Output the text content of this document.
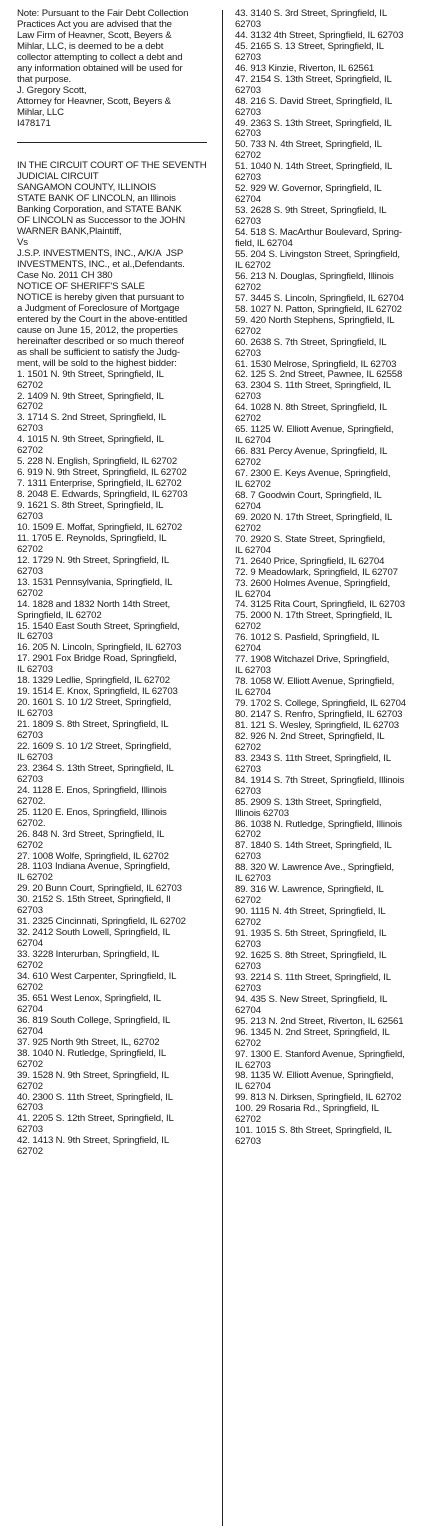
Note: Pursuant to the Fair Debt Collection
Practices Act you are advised that the
Law Firm of Heavner, Scott, Beyers &
Mihlar, LLC, is deemed to be a debt
collector attempting to collect a debt and
any information obtained will be used for
that purpose.
J. Gregory Scott,
Attorney for Heavner, Scott, Beyers &
Mihlar, LLC
I478171
IN THE CIRCUIT COURT OF THE SEVENTH
JUDICIAL CIRCUIT
SANGAMON COUNTY, ILLINOIS
STATE BANK OF LINCOLN, an Illinois
Banking Corporation, and STATE BANK
OF LINCOLN as Successor to the JOHN
WARNER BANK,Plaintiff,
Vs
J.S.P. INVESTMENTS, INC., A/K/A  JSP
INVESTMENTS, INC., et al.,Defendants.
Case No. 2011 CH 380
NOTICE OF SHERIFF'S SALE
NOTICE is hereby given that pursuant to
a Judgment of Foreclosure of Mortgage
entered by the Court in the above-entitled
cause on June 15, 2012, the properties
hereinafter described or so much thereof
as shall be sufficient to satisfy the Judg-
ment, will be sold to the highest bidder:
1. 1501 N. 9th Street, Springfield, IL
62702
2. 1409 N. 9th Street, Springfield, IL
62702
3. 1714 S. 2nd Street, Springfield, IL
62703
4. 1015 N. 9th Street, Springfield, IL
62702
5. 228 N. English, Springfield, IL 62702
6. 919 N. 9th Street, Springfield, IL 62702
7. 1311 Enterprise, Springfield, IL 62702
8. 2048 E. Edwards, Springfield, IL 62703
9. 1621 S. 8th Street, Springfield, IL
62703
10. 1509 E. Moffat, Springfield, IL 62702
11. 1705 E. Reynolds, Springfield, IL
62702
12. 1729 N. 9th Street, Springfield, IL
62703
13. 1531 Pennsylvania, Springfield, IL
62702
14. 1828 and 1832 North 14th Street,
Springfield, IL 62702
15. 1540 East South Street, Springfield,
IL 62703
16. 205 N. Lincoln, Springfield, IL 62703
17. 2901 Fox Bridge Road, Springfield,
IL 62703
18. 1329 Ledlie, Springfield, IL 62702
19. 1514 E. Knox, Springfield, IL 62703
20. 1601 S. 10 1/2 Street, Springfield,
IL 62703
21. 1809 S. 8th Street, Springfield, IL
62703
22. 1609 S. 10 1/2 Street, Springfield,
IL 62703
23. 2364 S. 13th Street, Springfield, IL
62703
24. 1128 E. Enos, Springfield, Illinois
62702.
25. 1120 E. Enos, Springfield, Illinois
62702.
26. 848 N. 3rd Street, Springfield, IL
62702
27. 1008 Wolfe, Springfield, IL 62702
28. 1103 Indiana Avenue, Springfield,
IL 62702
29. 20 Bunn Court, Springfield, IL 62703
30. 2152 S. 15th Street, Springfield, Il
62703
31. 2325 Cincinnati, Springfield, IL 62702
32. 2412 South Lowell, Springfield, IL
62704
33. 3228 Interurban, Springfield, IL
62702
34. 610 West Carpenter, Springfield, IL
62702
35. 651 West Lenox, Springfield, IL
62704
36. 819 South College, Springfield, IL
62704
37. 925 North 9th Street, IL, 62702
38. 1040 N. Rutledge, Springfield, IL
62702
39. 1528 N. 9th Street, Springfield, IL
62702
40. 2300 S. 11th Street, Springfield, IL
62703
41. 2205 S. 12th Street, Springfield, IL
62703
42. 1413 N. 9th Street, Springfield, IL
62702
43. 3140 S. 3rd Street, Springfield, IL
62703
44. 3132 4th Street, Springfield, IL 62703
45. 2165 S. 13 Street, Springfield, IL
62703
46. 913 Kinzie, Riverton, IL 62561
47. 2154 S. 13th Street, Springfield, IL
62703
48. 216 S. David Street, Springfield, IL
62703
49. 2363 S. 13th Street, Springfield, IL
62703
50. 733 N. 4th Street, Springfield, IL
62702
51. 1040 N. 14th Street, Springfield, IL
62703
52. 929 W. Governor, Springfield, IL
62704
53. 2628 S. 9th Street, Springfield, IL
62703
54. 518 S. MacArthur Boulevard, Spring-
field, IL 62704
55. 204 S. Livingston Street, Springfield,
IL 62702
56. 213 N. Douglas, Springfield, Illinois
62702
57. 3445 S. Lincoln, Springfield, IL 62704
58. 1027 N. Patton, Springfield, IL 62702
59. 420 North Stephens, Springfield, IL
62702
60. 2638 S. 7th Street, Springfield, IL
62703
61. 1530 Melrose, Springfield, IL 62703
62. 125 S. 2nd Street, Pawnee, IL 62558
63. 2304 S. 11th Street, Springfield, IL
62703
64. 1028 N. 8th Street, Springfield, IL
62702
65. 1125 W. Elliott Avenue, Springfield,
IL 62704
66. 831 Percy Avenue, Springfield, IL
62702
67. 2300 E. Keys Avenue, Springfield,
IL 62702
68. 7 Goodwin Court, Springfield, IL
62704
69. 2020 N. 17th Street, Springfield, IL
62702
70. 2920 S. State Street, Springfield,
IL 62704
71. 2640 Price, Springfield, IL 62704
72. 9 Meadowlark, Springfield, IL 62707
73. 2600 Holmes Avenue, Springfield,
IL 62704
74. 3125 Rita Court, Springfield, IL 62703
75. 2000 N. 17th Street, Springfield, IL
62702
76. 1012 S. Pasfield, Springfield, IL
62704
77. 1908 Witchazel Drive, Springfield,
IL 62703
78. 1058 W. Elliott Avenue, Springfield,
IL 62704
79. 1702 S. College, Springfield, IL 62704
80. 2147 S. Renfro, Springfield, IL 62703
81. 121 S. Wesley, Springfield, IL 62703
82. 926 N. 2nd Street, Springfield, IL
62702
83. 2343 S. 11th Street, Springfield, IL
62703
84. 1914 S. 7th Street, Springfield, Illinois
62703
85. 2909 S. 13th Street, Springfield,
Illinois 62703
86. 1038 N. Rutledge, Springfield, Illinois
62702
87. 1840 S. 14th Street, Springfield, IL
62703
88. 320 W. Lawrence Ave., Springfield,
IL 62703
89. 316 W. Lawrence, Springfield, IL
62702
90. 1115 N. 4th Street, Springfield, IL
62702
91. 1935 S. 5th Street, Springfield, IL
62703
92. 1625 S. 8th Street, Springfield, IL
62703
93. 2214 S. 11th Street, Springfield, IL
62703
94. 435 S. New Street, Springfield, IL
62704
95. 213 N. 2nd Street, Riverton, IL 62561
96. 1345 N. 2nd Street, Springfield, IL
62702
97. 1300 E. Stanford Avenue, Springfield,
IL 62703
98. 1135 W. Elliott Avenue, Springfield,
IL 62704
99. 813 N. Dirksen, Springfield, IL 62702
100. 29 Rosaria Rd., Springfield, IL
62702
101. 1015 S. 8th Street, Springfield, IL
62703
